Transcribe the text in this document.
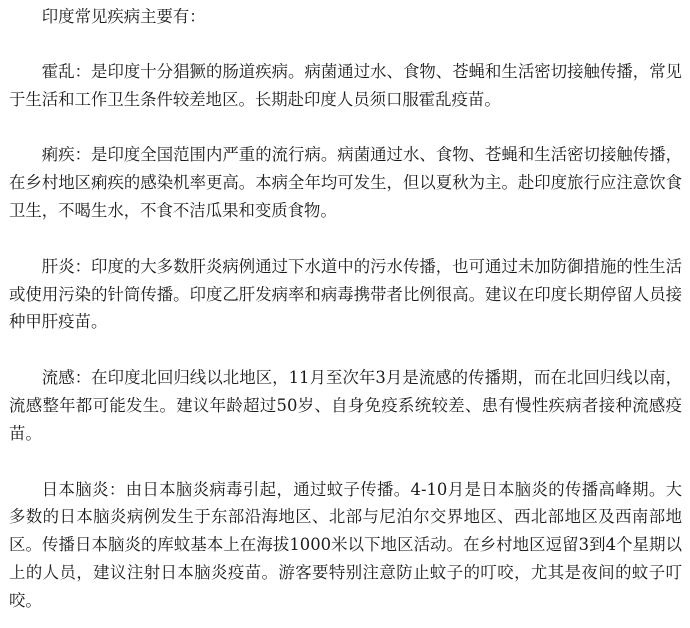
印度常见疾病主要有：

霍乱：是印度十分猖獗的肠道疾病。病菌通过水、食物、苍蝇和生活密切接触传播，常见于生活和工作卫生条件较差地区。长期赴印度人员须口服霍乱疫苗。

痢疾：是印度全国范围内严重的流行病。病菌通过水、食物、苍蝇和生活密切接触传播，在乡村地区痢疾的感染机率更高。本病全年均可发生，但以夏秋为主。赴印度旅行应注意饮食卫生，不喝生水，不食不洁瓜果和变质食物。

肝炎：印度的大多数肝炎病例通过下水道中的污水传播，也可通过未加防御措施的性生活或使用污染的针筒传播。印度乙肝发病率和病毒携带者比例很高。建议在印度长期停留人员接种甲肝疫苗。

流感：在印度北回归线以北地区，11月至次年3月是流感的传播期，而在北回归线以南，流感整年都可能发生。建议年龄超过50岁、自身免疫系统较差、患有慢性疾病者接种流感疫苗。

日本脑炎：由日本脑炎病毒引起，通过蚊子传播。4-10月是日本脑炎的传播高峰期。大多数的日本脑炎病例发生于东部沿海地区、北部与尼泊尔交界地区、西北部地区及西南部地区。传播日本脑炎的库蚊基本上在海拔1000米以下地区活动。在乡村地区逗留3到4个星期以上的人员，建议注射日本脑炎疫苗。游客要特别注意防止蚊子的叮咬，尤其是夜间的蚊子叮咬。
